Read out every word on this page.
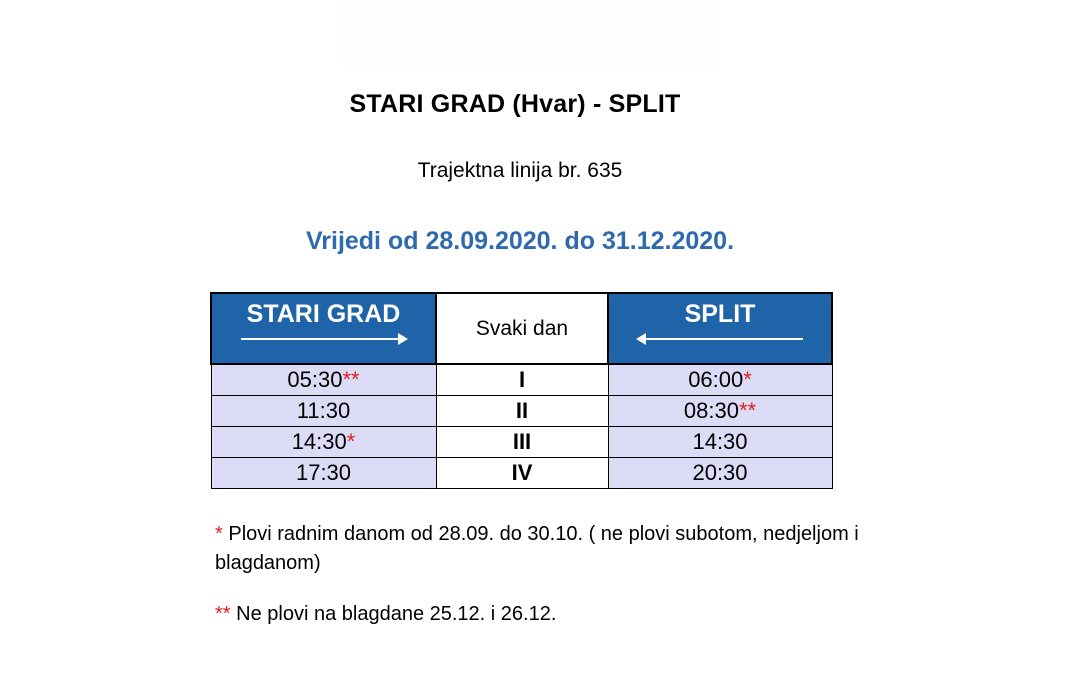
STARI GRAD (Hvar) - SPLIT
Trajektna linija br. 635
Vrijedi od 28.09.2020. do 31.12.2020.
STARI GRAD	Svaki dan	SPLIT

05:30**	I	06:00*
11:30	II	08:30**
14:30*	III	14:30
17:30	IV	20:30
* Plovi radnim danom od 28.09. do 30.10. ( ne plovi subotom, nedjeljom i blagdanom)
** Ne plovi na blagdane 25.12. i 26.12.
